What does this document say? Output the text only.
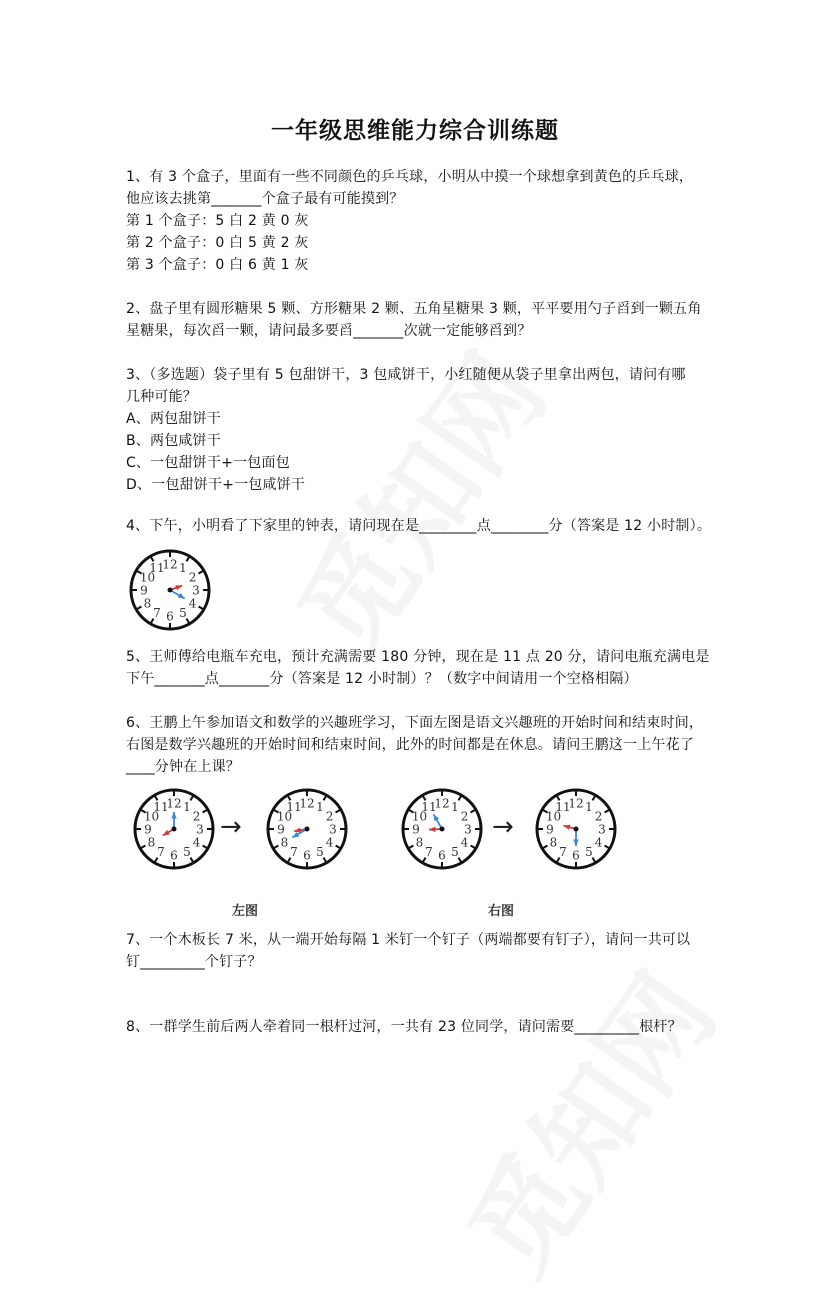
一年级思维能力综合训练题
1、有 3 个盒子，里面有一些不同颜色的乒乓球，小明从中摸一个球想拿到黄色的乒乓球，
他应该去挑第_______个盒子最有可能摸到？
第 1 个盒子：5 白 2 黄 0 灰
第 2 个盒子：0 白 5 黄 2 灰
第 3 个盒子：0 白 6 黄 1 灰
2、盘子里有圆形糖果 5 颗、方形糖果 2 颗、五角星糖果 3 颗，平平要用勺子舀到一颗五角
星糖果，每次舀一颗，请问最多要舀_______次就一定能够舀到？
3、（多选题）袋子里有 5 包甜饼干，3 包咸饼干，小红随便从袋子里拿出两包，请问有哪
几种可能？
A、两包甜饼干
B、两包咸饼干
C、一包甜饼干+一包面包
D、一包甜饼干+一包咸饼干
4、下午，小明看了下家里的钟表，请问现在是________点________分（答案是 12 小时制）。
12 1
2
3
4
5
6
7
8
9
10
11
5、王师傅给电瓶车充电，预计充满需要 180 分钟，现在是 11 点 20 分，请问电瓶充满电是
下午_______点_______分（答案是 12 小时制）？（数字中间请用一个空格相隔）
6、王鹏上午参加语文和数学的兴趣班学习，下面左图是语文兴趣班的开始时间和结束时间，
右图是数学兴趣班的开始时间和结束时间，此外的时间都是在休息。请问王鹏这一上午花了
____分钟在上课？
12 1
2
3
4
5
6
7
8
9
10
11
→
12 1
2
3
4
5
6
7
8
9
10
11	12 1
2
3
4
5
6
7
8
9
10
11
→
12 1
2
3
4
5
6
7
8
9
10
11
左图	右图
7、一个木板长 7 米，从一端开始每隔 1 米钉一个钉子（两端都要有钉子），请问一共可以
钉_________个钉子？
8、一群学生前后两人牵着同一根杆过河，一共有 23 位同学，请问需要_________根杆？
